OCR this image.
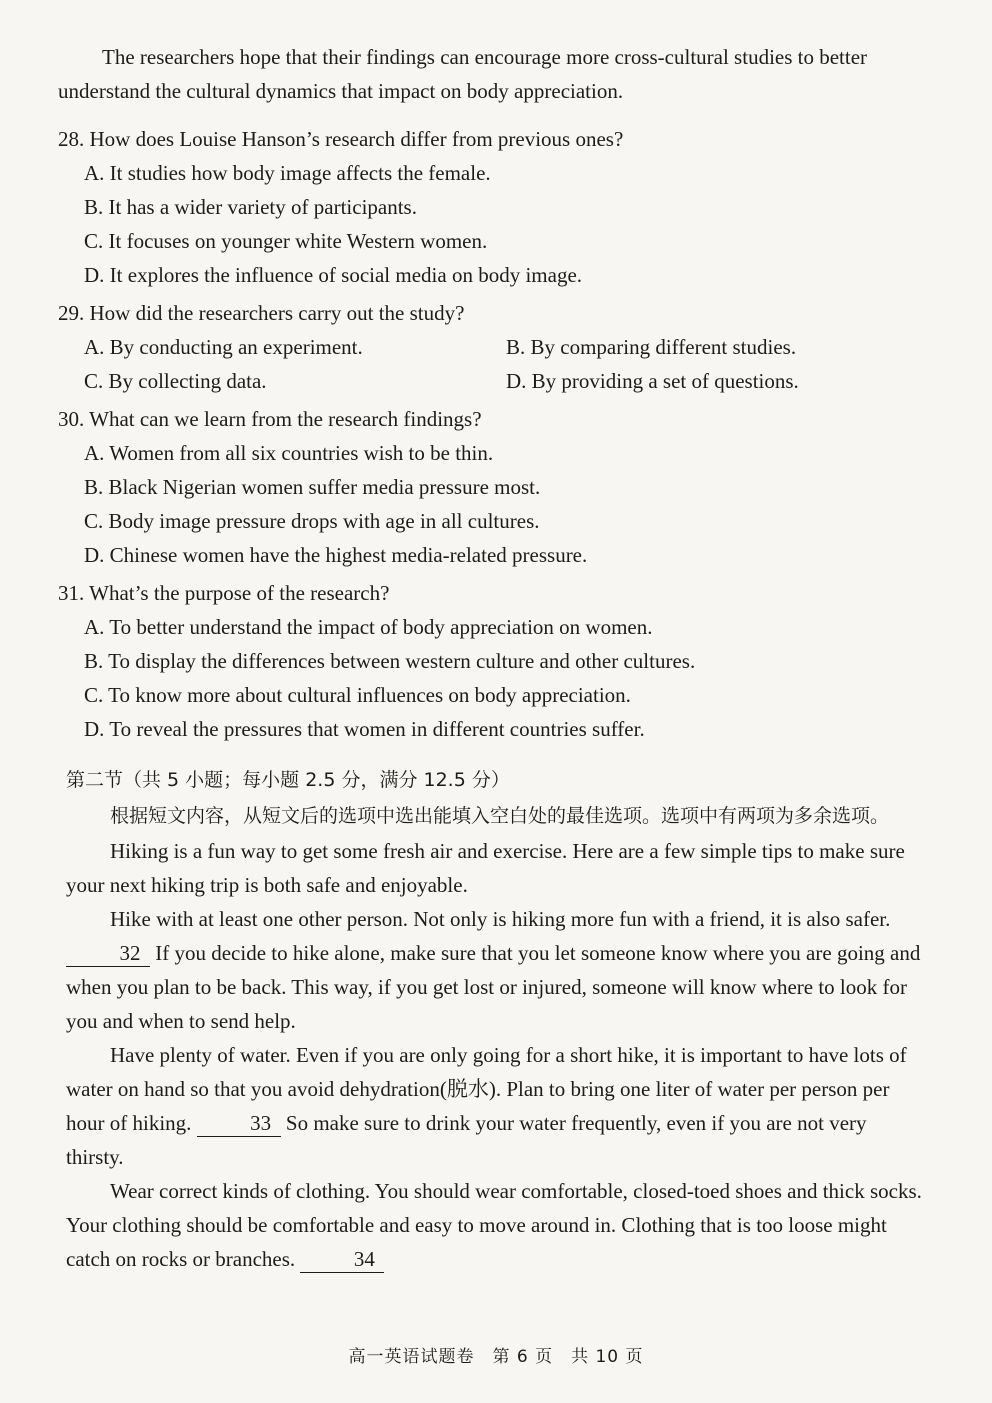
The researchers hope that their findings can encourage more cross-cultural studies to better understand the cultural dynamics that impact on body appreciation.

28. How does Louise Hanson’s research differ from previous ones?

A. It studies how body image affects the female.

B. It has a wider variety of participants.

C. It focuses on younger white Western women.

D. It explores the influence of social media on body image.

29. How did the researchers carry out the study?

A. By conducting an experiment.	B. By comparing different studies.
C. By collecting data.	D. By providing a set of questions.

30. What can we learn from the research findings?

A. Women from all six countries wish to be thin.

B. Black Nigerian women suffer media pressure most.

C. Body image pressure drops with age in all cultures.

D. Chinese women have the highest media-related pressure.

31. What’s the purpose of the research?

A. To better understand the impact of body appreciation on women.

B. To display the differences between western culture and other cultures.

C. To know more about cultural influences on body appreciation.

D. To reveal the pressures that women in different countries suffer.

第二节（共 5 小题；每小题 2.5 分，满分 12.5 分）
根据短文内容，从短文后的选项中选出能填入空白处的最佳选项。选项中有两项为多余选项。

Hiking is a fun way to get some fresh air and exercise. Here are a few simple tips to make sure your next hiking trip is both safe and enjoyable.

Hike with at least one other person. Not only is hiking more fun with a friend, it is also safer. 32 If you decide to hike alone, make sure that you let someone know where you are going and when you plan to be back. This way, if you get lost or injured, someone will know where to look for you and when to send help.

Have plenty of water. Even if you are only going for a short hike, it is important to have lots of water on hand so that you avoid dehydration(脱水). Plan to bring one liter of water per person per hour of hiking.	33 So make sure to drink your water frequently, even if you are not very thirsty.

Wear correct kinds of clothing. You should wear comfortable, closed-toed shoes and thick socks. Your clothing should be comfortable and easy to move around in. Clothing that is too loose might catch on rocks or branches.	34

高一英语试题卷　第 6 页　共 10 页
